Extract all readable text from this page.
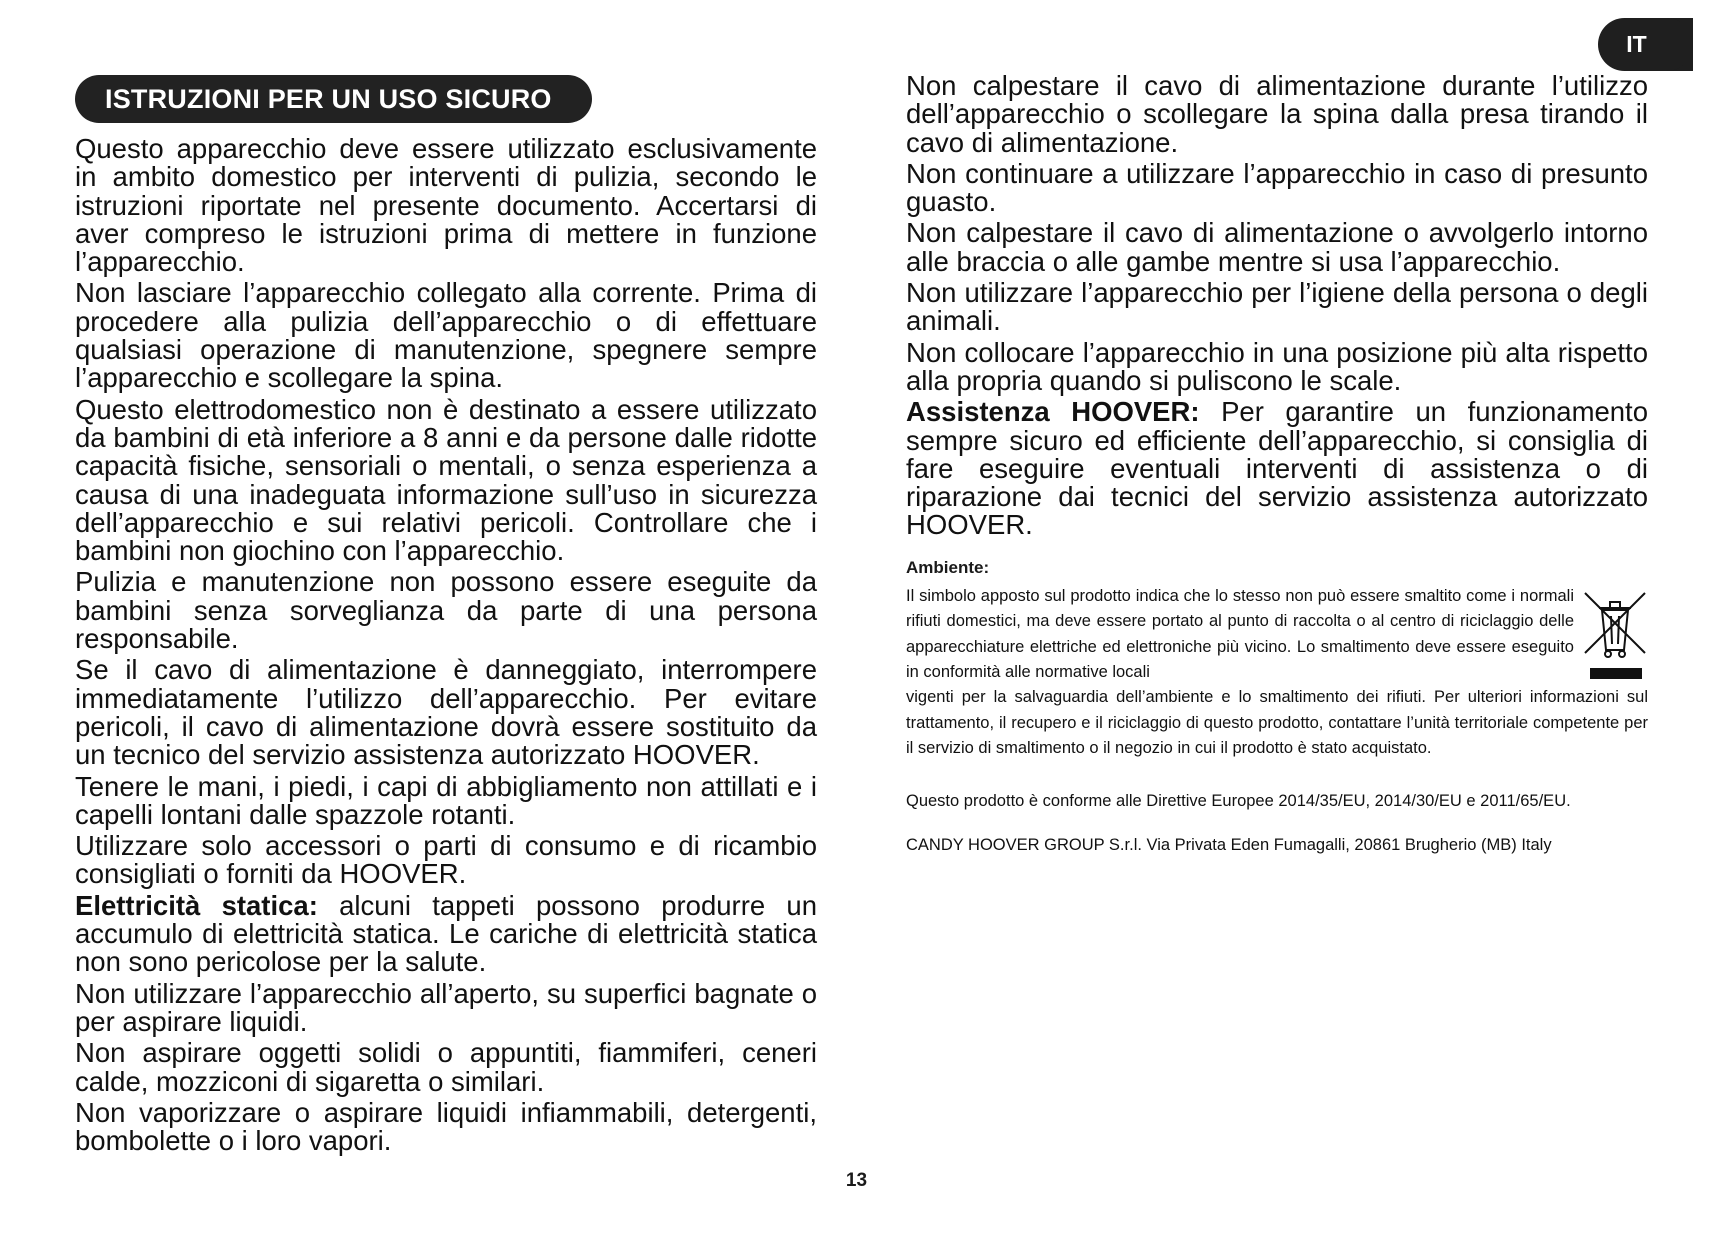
IT
ISTRUZIONI PER UN USO SICURO

Questo apparecchio deve essere utilizzato esclusivamente in ambito domestico per interventi di pulizia, secondo le istruzioni riportate nel presente documento. Accertarsi di aver compreso le istruzioni prima di mettere in funzione l’apparecchio.

Non lasciare l’apparecchio collegato alla corrente. Prima di procedere alla pulizia dell’apparecchio o di effettuare qualsiasi operazione di manutenzione, spegnere sempre l’apparecchio e scollegare la spina.

Questo elettrodomestico non è destinato a essere utilizzato da bambini di età inferiore a 8 anni e da persone dalle ridotte capacità fisiche, sensoriali o mentali, o senza esperienza a causa di una inadeguata informazione sull’uso in sicurezza dell’apparecchio e sui relativi pericoli. Controllare che i bambini non giochino con l’apparecchio.

Pulizia e manutenzione non possono essere eseguite da bambini senza sorveglianza da parte di una persona responsabile.

Se il cavo di alimentazione è danneggiato, interrompere immediatamente l’utilizzo dell’apparecchio. Per evitare pericoli, il cavo di alimentazione dovrà essere sostituito da un tecnico del servizio assistenza autorizzato HOOVER.

Tenere le mani, i piedi, i capi di abbigliamento non attillati e i capelli lontani dalle spazzole rotanti.

Utilizzare solo accessori o parti di consumo e di ricambio consigliati o forniti da HOOVER.

Elettricità statica: alcuni tappeti possono produrre un accumulo di elettricità statica. Le cariche di elettricità statica non sono pericolose per la salute.

Non utilizzare l’apparecchio all’aperto, su superfici bagnate o per aspirare liquidi.

Non aspirare oggetti solidi o appuntiti, fiammiferi, ceneri calde, mozziconi di sigaretta o similari.

Non vaporizzare o aspirare liquidi infiammabili, detergenti, bombolette o i loro vapori.

Non calpestare il cavo di alimentazione durante l’utilizzo dell’apparecchio o scollegare la spina dalla presa tirando il cavo di alimentazione.

Non continuare a utilizzare l’apparecchio in caso di presunto guasto.

Non calpestare il cavo di alimentazione o avvolgerlo intorno alle braccia o alle gambe mentre si usa l’apparecchio.

Non utilizzare l’apparecchio per l’igiene della persona o degli animali.

Non collocare l’apparecchio in una posizione più alta rispetto alla propria quando si puliscono le scale.

Assistenza HOOVER: Per garantire un funzionamento sempre sicuro ed efficiente dell’apparecchio, si consiglia di fare eseguire eventuali interventi di assistenza o di riparazione dai tecnici del servizio assistenza autorizzato HOOVER.

Ambiente:
Il simbolo apposto sul prodotto indica che lo stesso non può essere smaltito come i normali rifiuti domestici, ma deve essere portato al punto di raccolta o al centro di riciclaggio delle apparecchiature elettriche ed elettroniche più vicino. Lo smaltimento deve essere eseguito in conformità alle normative locali
vigenti per la salvaguardia dell’ambiente e lo smaltimento dei rifiuti. Per ulteriori informazioni sul trattamento, il recupero e il riciclaggio di questo prodotto, contattare l’unità territoriale competente per il servizio di smaltimento o il negozio in cui il prodotto è stato acquistato.
Questo prodotto è conforme alle Direttive Europee 2014/35/EU, 2014/30/EU e 2011/65/EU.
CANDY HOOVER GROUP S.r.l. Via Privata Eden Fumagalli, 20861 Brugherio (MB) Italy
13
